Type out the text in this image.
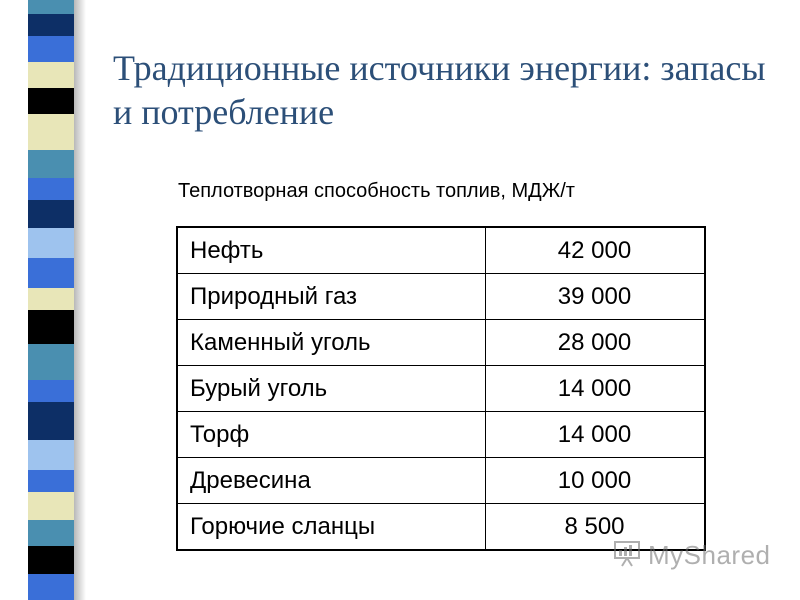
Традиционные источники энергии: запасы и потребление
Теплотворная способность топлив, МДЖ/т
Нефть	42 000
Природный газ	39 000
Каменный уголь	28 000
Бурый уголь	14 000
Торф	14 000
Древесина	10 000
Горючие сланцы	8 500
MyShared
